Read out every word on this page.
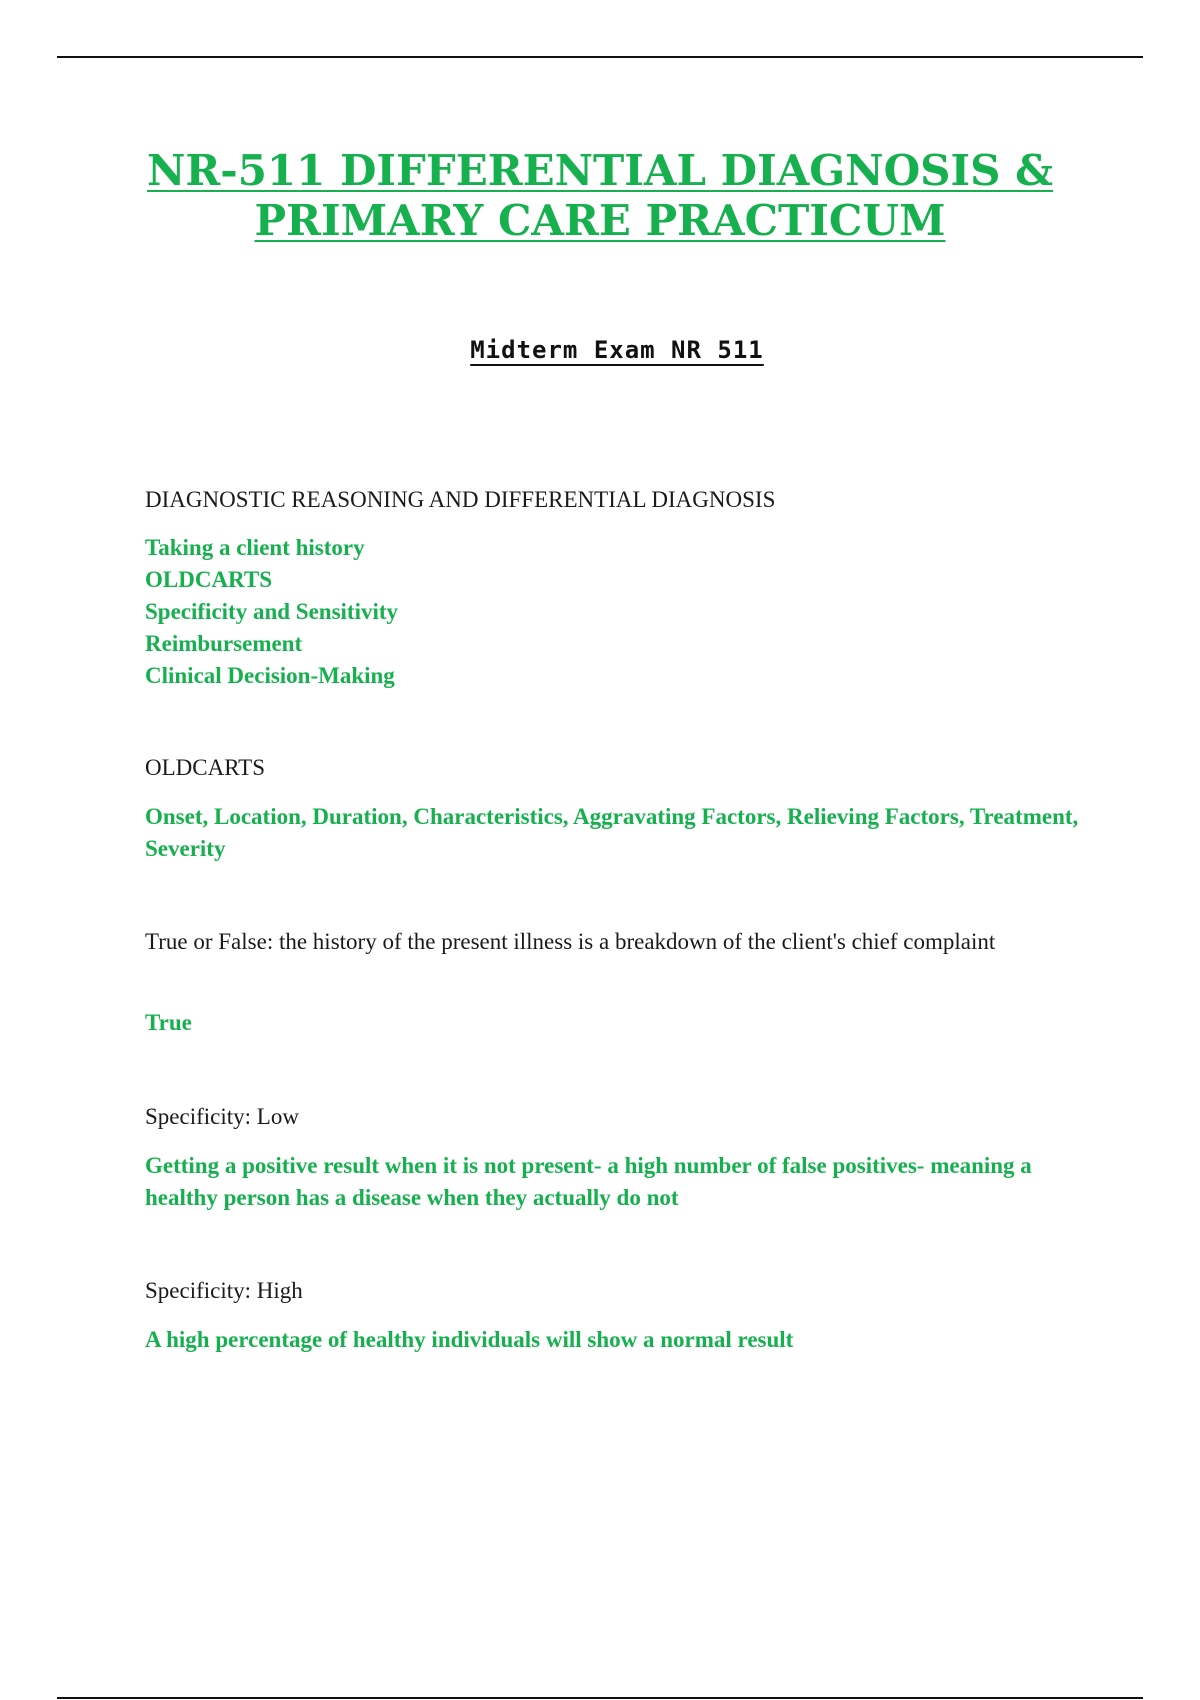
NR-511 DIFFERENTIAL DIAGNOSIS & PRIMARY CARE PRACTICUM
Midterm Exam NR 511

DIAGNOSTIC REASONING AND DIFFERENTIAL DIAGNOSIS

Taking a client history
OLDCARTS
Specificity and Sensitivity
Reimbursement
Clinical Decision-Making

OLDCARTS

Onset, Location, Duration, Characteristics, Aggravating Factors, Relieving Factors, Treatment, Severity

True or False: the history of the present illness is a breakdown of the client's chief complaint

True

Specificity: Low

Getting a positive result when it is not present- a high number of false positives- meaning a healthy person has a disease when they actually do not

Specificity: High

A high percentage of healthy individuals will show a normal result
